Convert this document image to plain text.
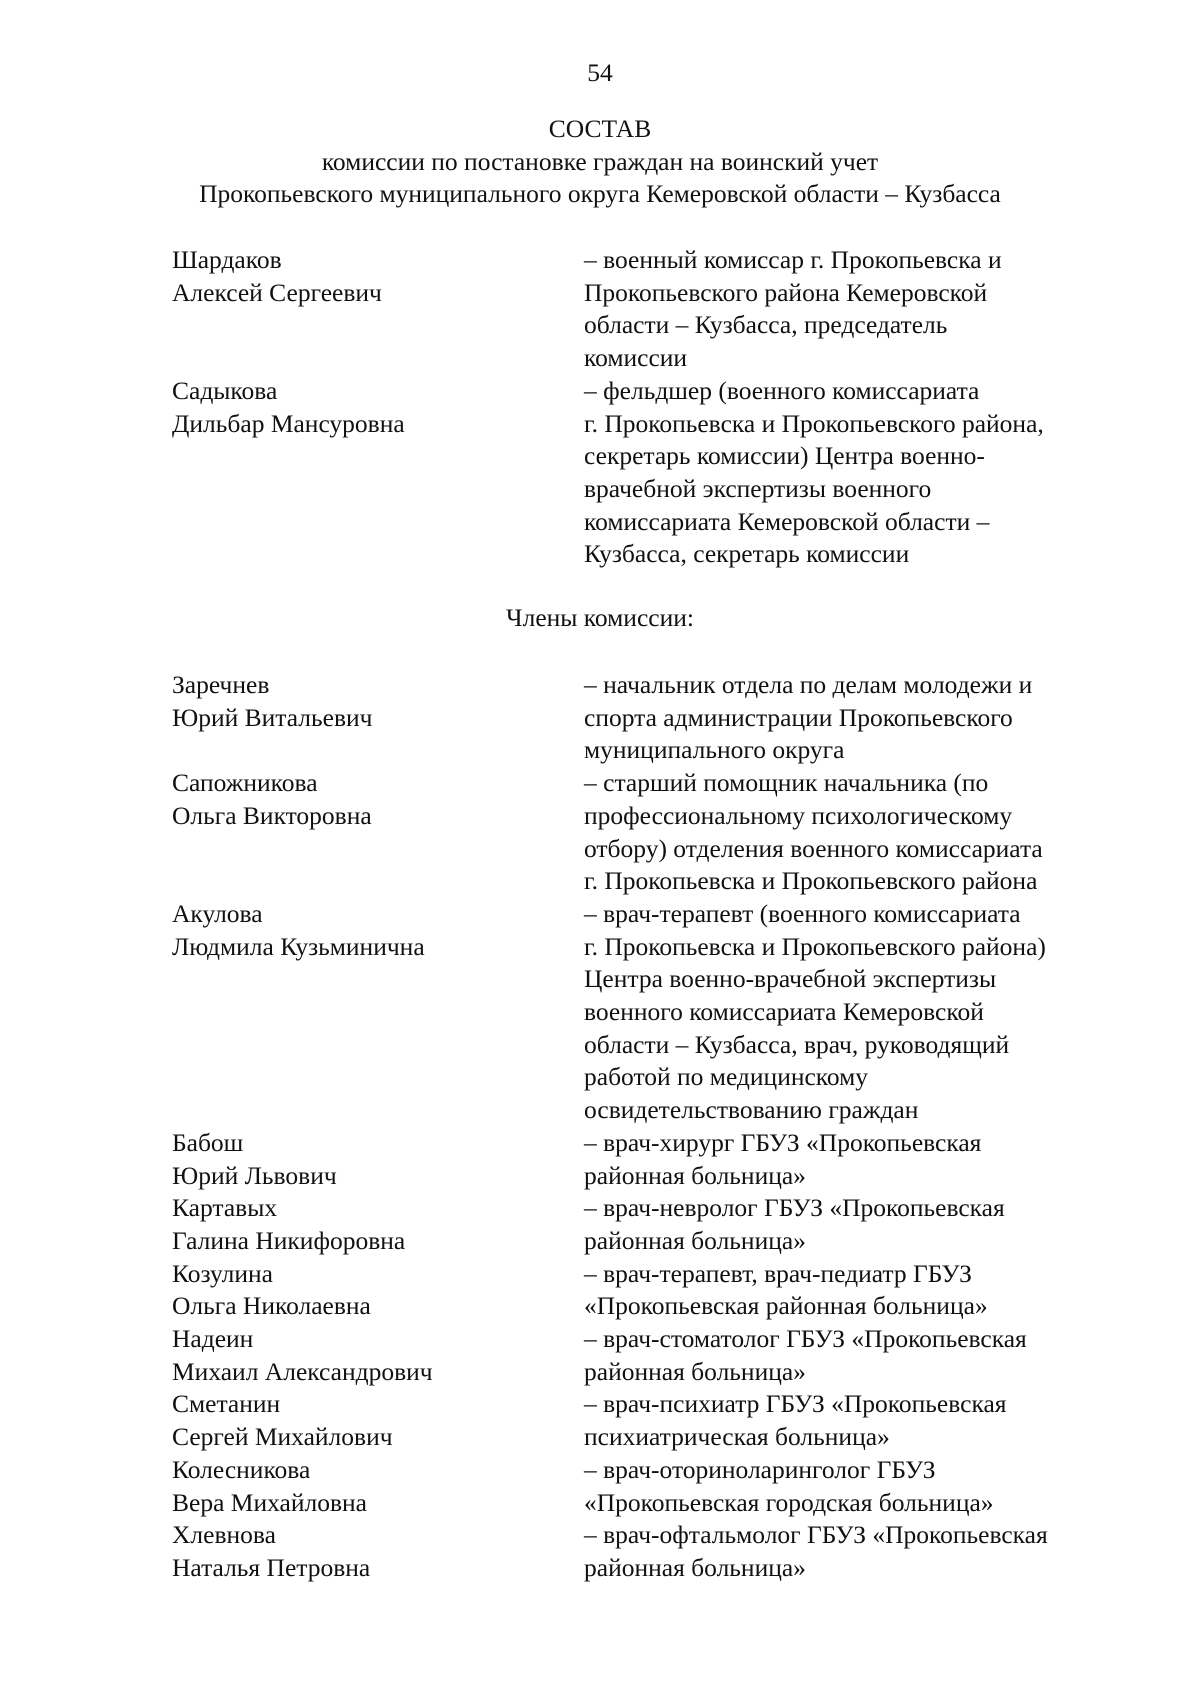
54
СОСТАВ
комиссии по постановке граждан на воинский учет
Прокопьевского муниципального округа Кемеровской области – Кузбасса
Шардаков
Алексей Сергеевич
– военный комиссар г. Прокопьевска и
Прокопьевского района Кемеровской
области – Кузбасса, председатель
комиссии
Садыкова
Дильбар Мансуровна
– фельдшер (военного комиссариата
г. Прокопьевска и Прокопьевского района,
секретарь комиссии) Центра военно-
врачебной экспертизы военного
комиссариата Кемеровской области –
Кузбасса, секретарь комиссии
Члены комиссии:
Заречнев
Юрий Витальевич
– начальник отдела по делам молодежи и
спорта администрации Прокопьевского
муниципального округа
Сапожникова
Ольга Викторовна
– старший помощник начальника (по
профессиональному психологическому
отбору) отделения военного комиссариата
г. Прокопьевска и Прокопьевского района
Акулова
Людмила Кузьминична
– врач-терапевт (военного комиссариата
г. Прокопьевска и Прокопьевского района)
Центра военно-врачебной экспертизы
военного комиссариата Кемеровской
области – Кузбасса, врач, руководящий
работой по медицинскому
освидетельствованию граждан
Бабош
Юрий Львович
– врач-хирург ГБУЗ «Прокопьевская
районная больница»
Картавых
Галина Никифоровна
– врач-невролог ГБУЗ «Прокопьевская
районная больница»
Козулина
Ольга Николаевна
– врач-терапевт, врач-педиатр ГБУЗ
«Прокопьевская районная больница»
Надеин
Михаил Александрович
– врач-стоматолог ГБУЗ «Прокопьевская
районная больница»
Сметанин
Сергей Михайлович
– врач-психиатр ГБУЗ «Прокопьевская
психиатрическая больница»
Колесникова
Вера Михайловна
– врач-оториноларинголог ГБУЗ
«Прокопьевская городская больница»
Хлевнова
Наталья Петровна
– врач-офтальмолог ГБУЗ «Прокопьевская
районная больница»
